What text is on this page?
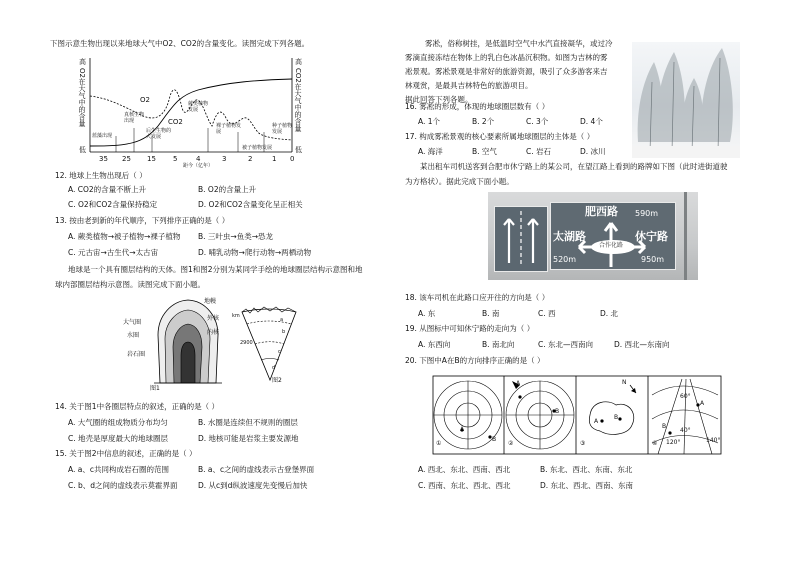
下图示意生物出现以来地球大气中O2、CO2的含量变化。读图完成下列各题。
高
O2在大气中的含量
低
高
CO2在大气中的含量
低
O2
CO2
蓝藻出现
真核生物出现
后生生物的大发展
蕨类植物发展
裸子植物发展
被子植物发展
种子植物发展
35 25 15 5	4	3	2	1 0
距今（亿年）
12. 地球上生物出现后（ ）
A. CO2的含量不断上升	B. O2的含量上升
C. O2和CO2含量保持稳定	D. O2和CO2含量变化呈正相关
13. 按由老到新的年代顺序，下列排序正确的是（ ）
A. 蕨类植物→被子植物→裸子植物 B. 三叶虫→鱼类→恐龙
C. 元古宙→古生代→太古宙	D. 哺乳动物→爬行动物→两栖动物
地球是一个具有圈层结构的天体。图1和图2分别为某同学手绘的地球圈层结构示意图和地
球内部圈层结构示意图。读图完成下面小题。
大气圈
水圈
岩石圈
地幔
外核
内核
图1
km
2900
a
b
c
d
图2
14. 关于图1中各圈层特点的叙述，正确的是（ ）
A. 大气圈的组成物质分布均匀	B. 水圈是连续但不规则的圈层
C. 地壳是厚度最大的地球圈层	D. 地核可能是岩浆主要发源地
15. 关于图2中信息的叙述，正确的是（ ）
A. a、c共同构成岩石圈的范围	B. a、c之间的虚线表示古登堡界面
C. b、d之间的虚线表示莫霍界面	D. 从c到d纵波速度先变慢后加快
雾凇，俗称树挂，是低温时空气中水汽直接凝华，或过冷
雾滴直接冻结在物体上的乳白色冰晶沉积物。如图为吉林的雾
凇景观。雾凇景观是非常好的旅游资源，吸引了众多游客来吉
林观赏，是最具吉林特色的旅游项目。
据此回答下列各题。
16. 雾凇的形成，体现的地球圈层数有（ ）
A. 1个	B. 2个	C. 3个	D. 4个
17. 构成雾凇景观的核心要素所属地球圈层的主体是（ ）
A. 海洋	B. 空气	C. 岩石	D. 冰川
某出租车司机送客到合肥市休宁路上的某公司，在望江路上看到的路牌如下图（此时进街道驶
为方格状）。据此完成下面小题。
肥西路 590m
太湖路
520m
合作化路
休宁路
950m
18. 该车司机在此路口应开往的方向是（ ）
A. 东	B. 南	C. 西	D. 北
19. 从图标中可知休宁路的走向为（ ）
A. 东西向	B. 南北向	C. 东北—西南向	D. 西北—东南向
20. 下图中A在B的方向排序正确的是（ ）
A
B
①
A
B
②
N
A
B
③
60°
A
40°
B
120°	140°
④
A. 西北、东北、西南、西北	B. 东北、西北、东南、东北
C. 西南、东北、西北、西北	D. 东北、西北、西南、东南
